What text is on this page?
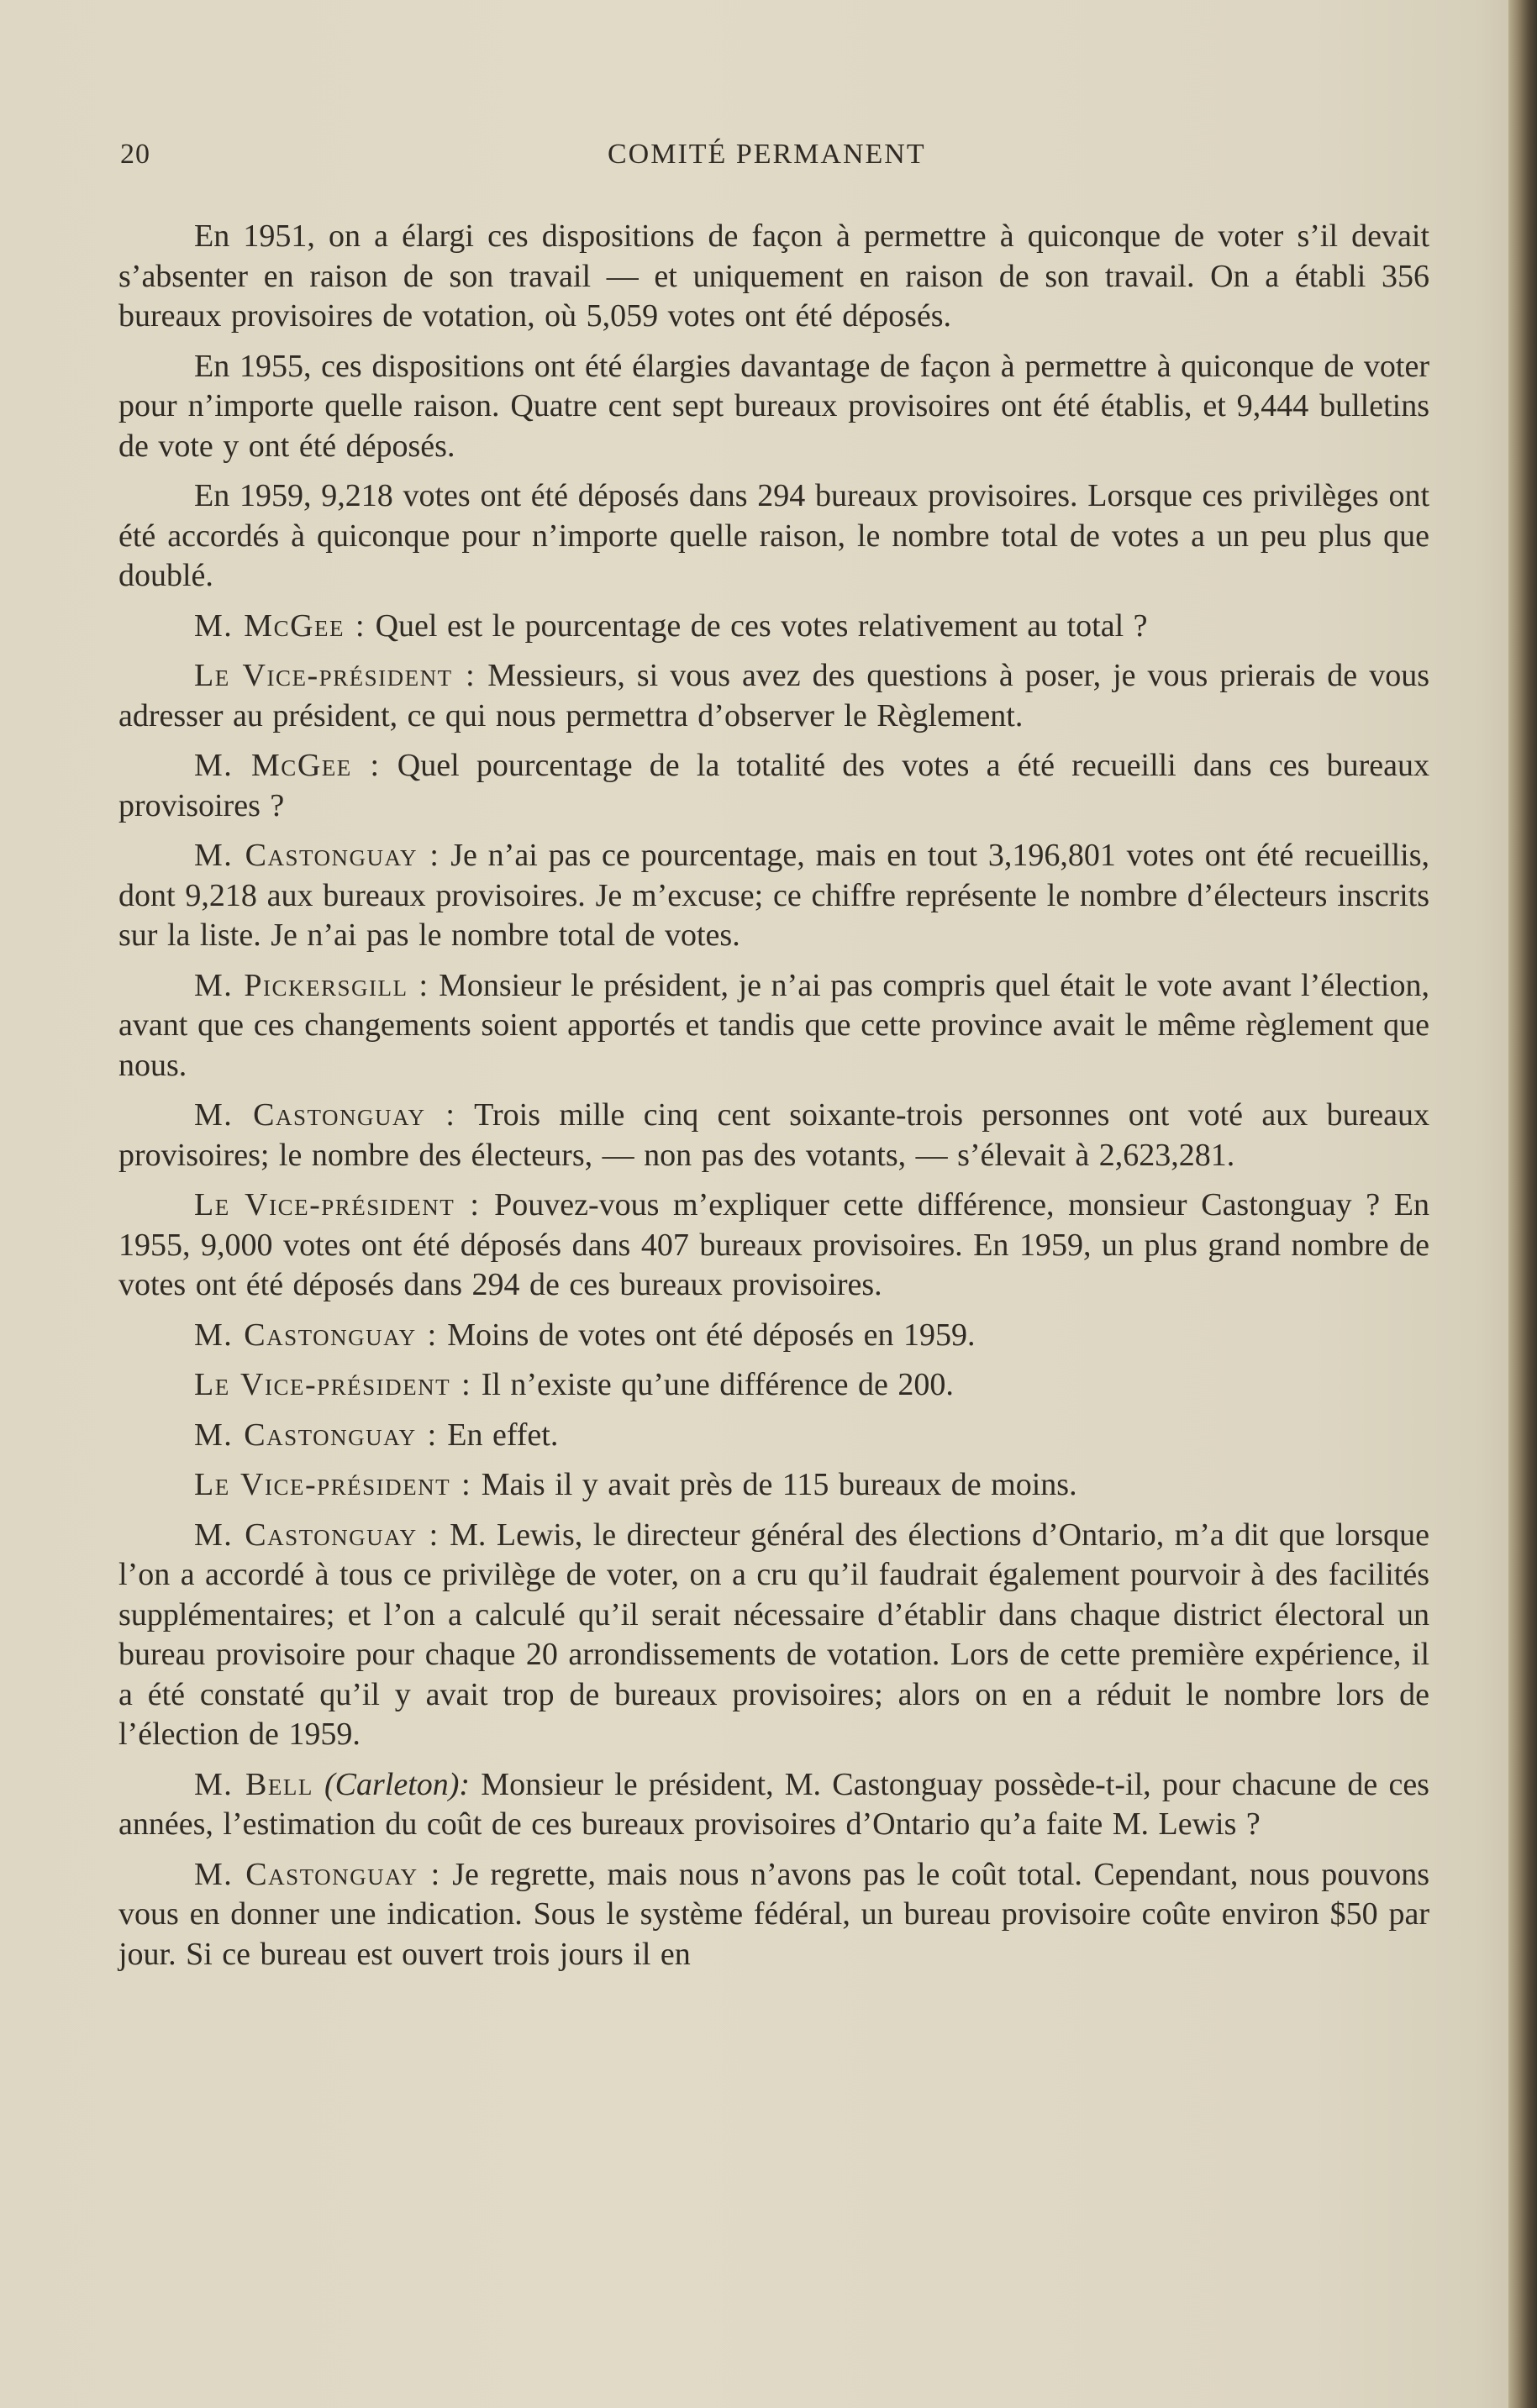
20	COMITÉ PERMANENT

En 1951, on a élargi ces dispositions de façon à permettre à quiconque de voter s’il devait s’absenter en raison de son travail — et uniquement en raison de son travail. On a établi 356 bureaux provisoires de votation, où 5,059 votes ont été déposés.

En 1955, ces dispositions ont été élargies davantage de façon à permettre à quiconque de voter pour n’importe quelle raison. Quatre cent sept bureaux provisoires ont été établis, et 9,444 bulletins de vote y ont été déposés.

En 1959, 9,218 votes ont été déposés dans 294 bureaux provisoires. Lorsque ces privilèges ont été accordés à quiconque pour n’importe quelle raison, le nombre total de votes a un peu plus que doublé.

M. McGee : Quel est le pourcentage de ces votes relativement au total ?

Le Vice-président : Messieurs, si vous avez des questions à poser, je vous prierais de vous adresser au président, ce qui nous permettra d’observer le Règlement.

M. McGee : Quel pourcentage de la totalité des votes a été recueilli dans ces bureaux provisoires ?

M. Castonguay : Je n’ai pas ce pourcentage, mais en tout 3,196,801 votes ont été recueillis, dont 9,218 aux bureaux provisoires. Je m’excuse; ce chiffre représente le nombre d’électeurs inscrits sur la liste. Je n’ai pas le nombre total de votes.

M. Pickersgill : Monsieur le président, je n’ai pas compris quel était le vote avant l’élection, avant que ces changements soient apportés et tandis que cette province avait le même règlement que nous.

M. Castonguay : Trois mille cinq cent soixante-trois personnes ont voté aux bureaux provisoires; le nombre des électeurs, — non pas des votants, — s’élevait à 2,623,281.

Le Vice-président : Pouvez-vous m’expliquer cette différence, monsieur Castonguay ? En 1955, 9,000 votes ont été déposés dans 407 bureaux provisoires. En 1959, un plus grand nombre de votes ont été déposés dans 294 de ces bureaux provisoires.

M. Castonguay : Moins de votes ont été déposés en 1959.

Le Vice-président : Il n’existe qu’une différence de 200.

M. Castonguay : En effet.

Le Vice-président : Mais il y avait près de 115 bureaux de moins.

M. Castonguay : M. Lewis, le directeur général des élections d’Ontario, m’a dit que lorsque l’on a accordé à tous ce privilège de voter, on a cru qu’il faudrait également pourvoir à des facilités supplémentaires; et l’on a calculé qu’il serait nécessaire d’établir dans chaque district électoral un bureau provisoire pour chaque 20 arrondissements de votation. Lors de cette première expérience, il a été constaté qu’il y avait trop de bureaux provisoires; alors on en a réduit le nombre lors de l’élection de 1959.

M. Bell (Carleton): Monsieur le président, M. Castonguay possède-t-il, pour chacune de ces années, l’estimation du coût de ces bureaux provisoires d’Ontario qu’a faite M. Lewis ?

M. Castonguay : Je regrette, mais nous n’avons pas le coût total. Cependant, nous pouvons vous en donner une indication. Sous le système fédéral, un bureau provisoire coûte environ $50 par jour. Si ce bureau est ouvert trois jours il en
